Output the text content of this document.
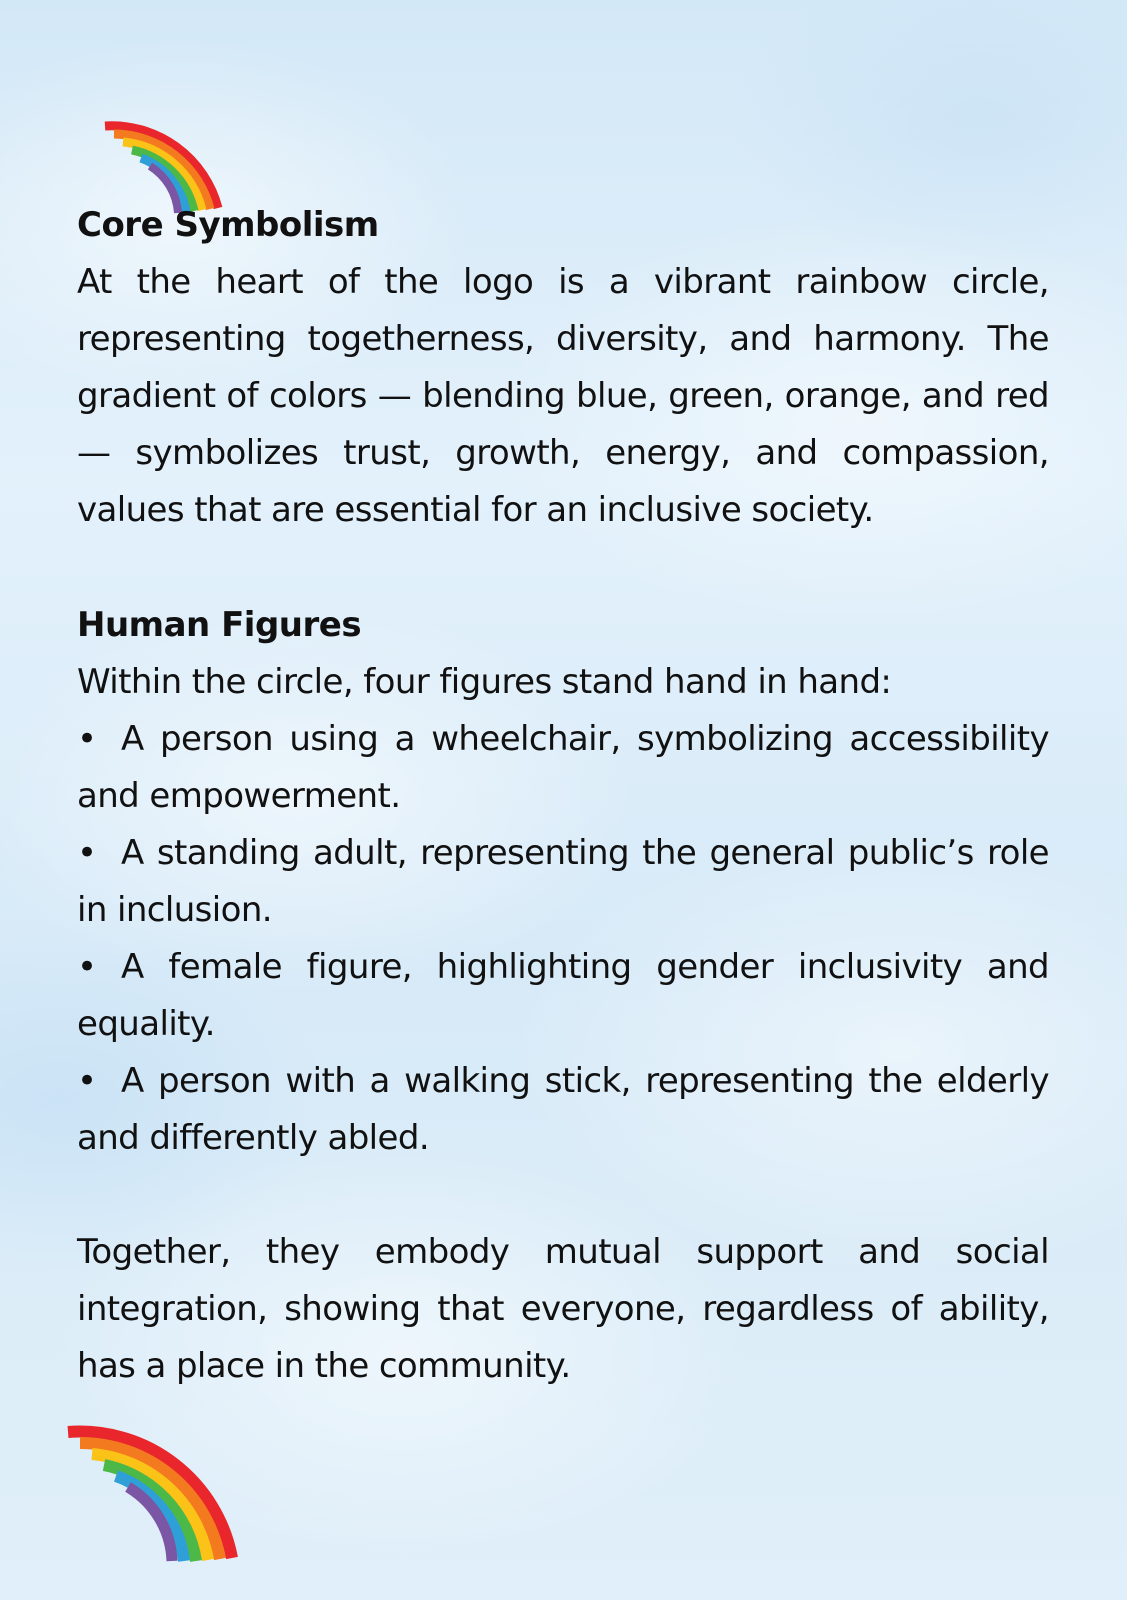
Core Symbolism

At the heart of the logo is a vibrant rainbow circle, representing togetherness, diversity, and harmony. The gradient of colors — blending blue, green, orange, and red — symbolizes trust, growth, energy, and compassion, values that are essential for an inclusive society.

Human Figures

Within the circle, four figures stand hand in hand:

• A person using a wheelchair, symbolizing accessibility and empowerment.
• A standing adult, representing the general public’s role in inclusion.
• A female figure, highlighting gender inclusivity and equality.
• A person with a walking stick, representing the elderly and differently abled.

Together, they embody mutual support and social integration, showing that everyone, regardless of ability, has a place in the community.
